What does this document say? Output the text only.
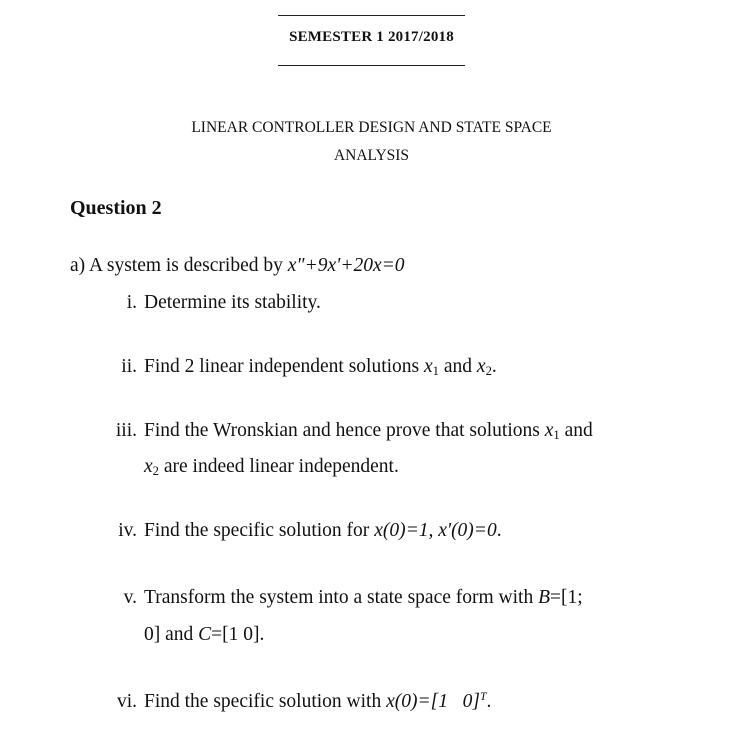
SEMESTER 1 2017/2018
LINEAR CONTROLLER DESIGN AND STATE SPACE
ANALYSIS
Question 2
a) A system is described by x"+9x'+20x=0
i. Determine its stability.
ii. Find 2 linear independent solutions $x_1$ and $x_2$.
iii. Find the Wronskian and hence prove that solutions $x_1$ and
$x_2$ are indeed linear independent.
iv. Find the specific solution for x(0)=1, x'(0)=0.
v. Transform the system into a state space form with B=[1;
0] and C=[1 0].
vi. Find the specific solution with x(0)=[1   0]$^T$.
